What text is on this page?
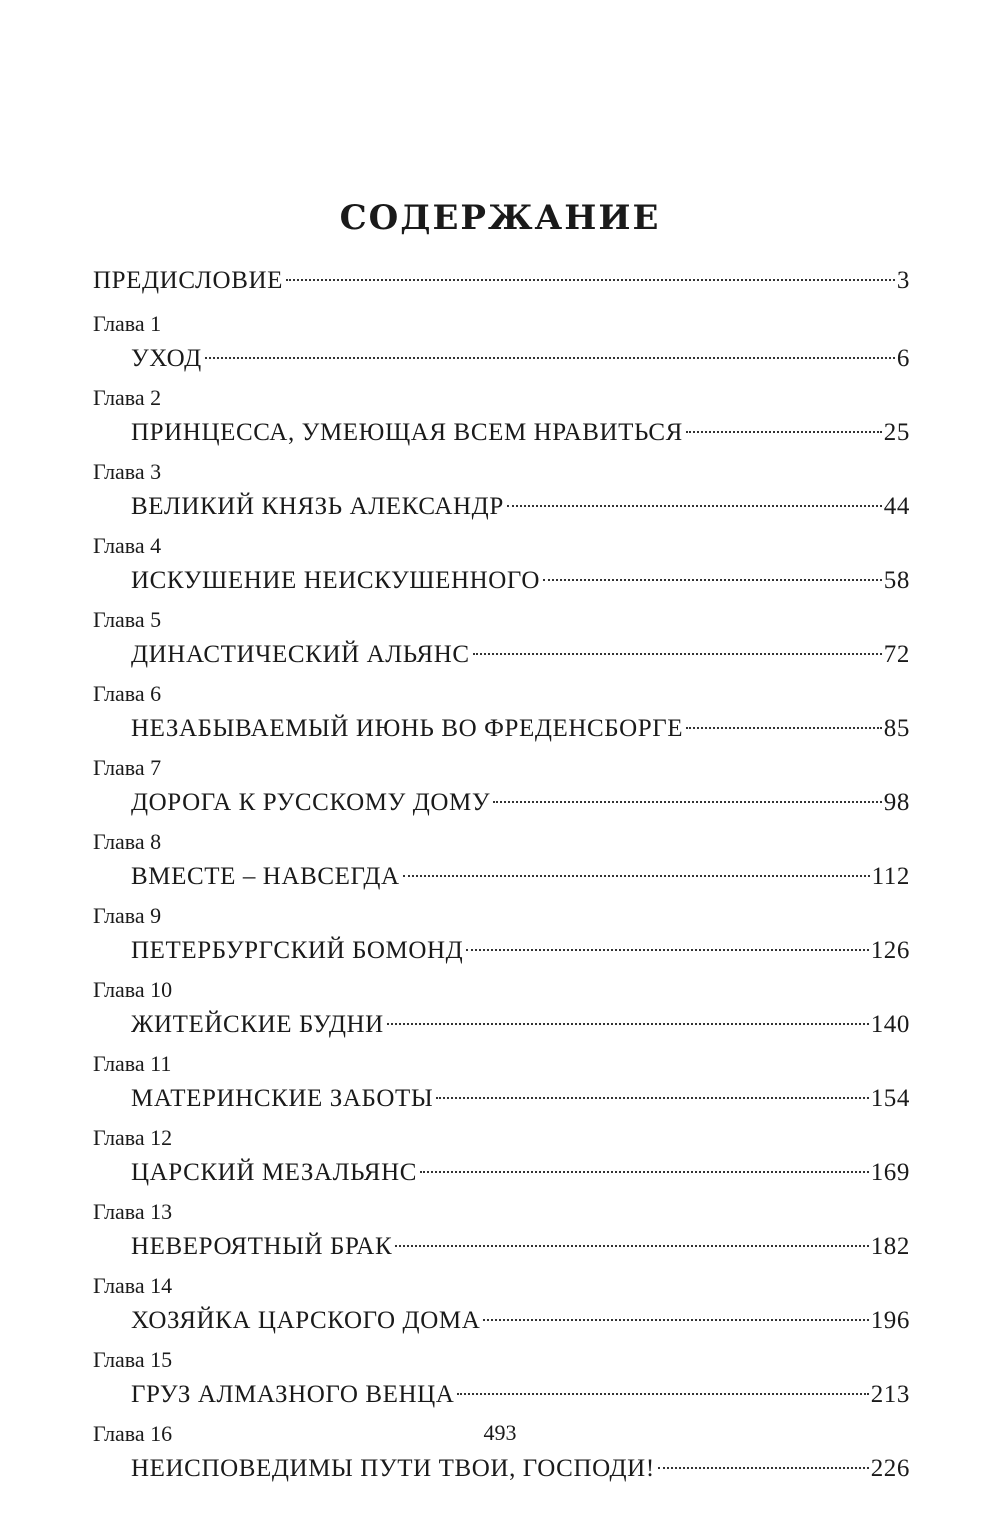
СОДЕРЖАНИЕ
ПРЕДИСЛОВИЕ	3
Глава 1
УХОД	6
Глава 2
ПРИНЦЕССА, УМЕЮЩАЯ ВСЕМ НРАВИТЬСЯ	25
Глава 3
ВЕЛИКИЙ КНЯЗЬ АЛЕКСАНДР	44
Глава 4
ИСКУШЕНИЕ НЕИСКУШЕННОГО	58
Глава 5
ДИНАСТИЧЕСКИЙ АЛЬЯНС	72
Глава 6
НЕЗАБЫВАЕМЫЙ ИЮНЬ ВО ФРЕДЕНСБОРГЕ	85
Глава 7
ДОРОГА К РУССКОМУ ДОМУ	98
Глава 8
ВМЕСТЕ – НАВСЕГДА	112
Глава 9
ПЕТЕРБУРГСКИЙ БОМОНД	126
Глава 10
ЖИТЕЙСКИЕ БУДНИ	140
Глава 11
МАТЕРИНСКИЕ ЗАБОТЫ	154
Глава 12
ЦАРСКИЙ МЕЗАЛЬЯНС	169
Глава 13
НЕВЕРОЯТНЫЙ БРАК	182
Глава 14
ХОЗЯЙКА ЦАРСКОГО ДОМА	196
Глава 15
ГРУЗ АЛМАЗНОГО ВЕНЦА	213
Глава 16
НЕИСПОВЕДИМЫ ПУТИ ТВОИ, ГОСПОДИ!	226
493
